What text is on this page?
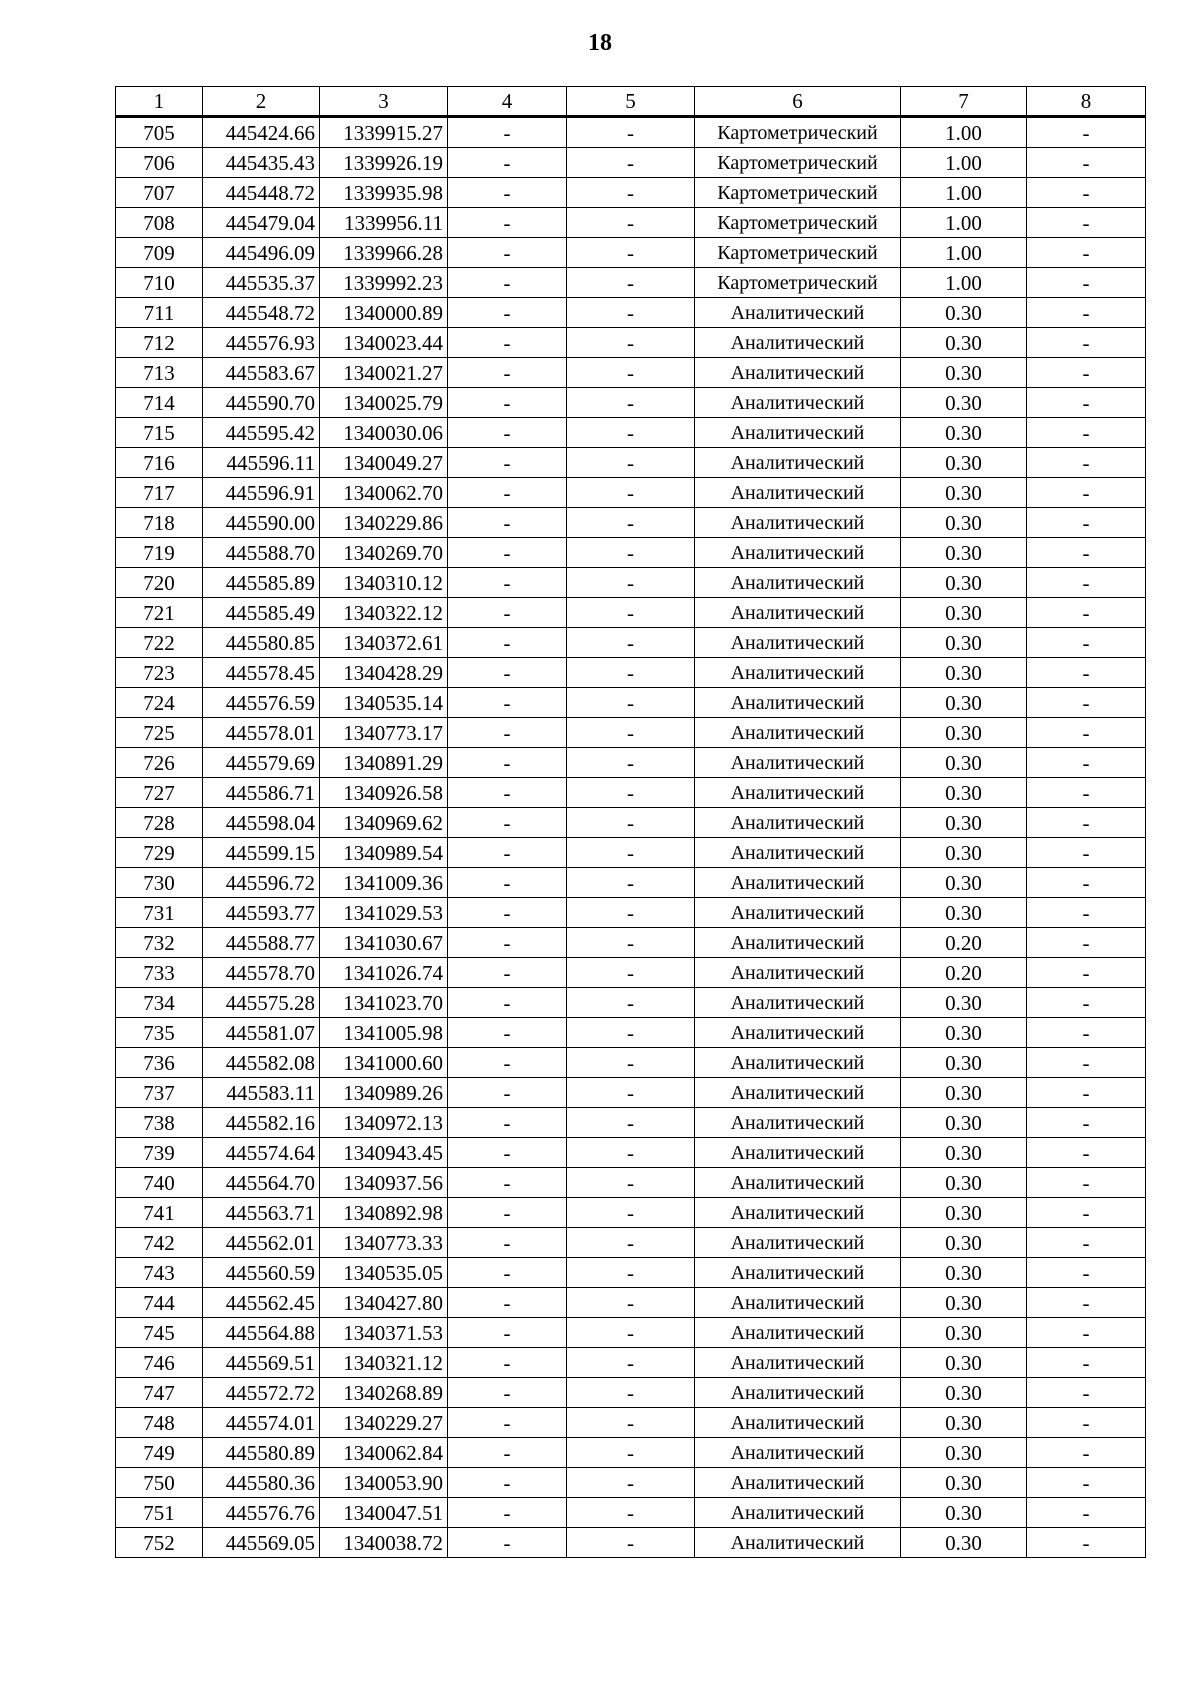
18
1	2	3	4	5	6	7	8
705	445424.66	1339915.27	-	-	Картометрический	1.00	-
706	445435.43	1339926.19	-	-	Картометрический	1.00	-
707	445448.72	1339935.98	-	-	Картометрический	1.00	-
708	445479.04	1339956.11	-	-	Картометрический	1.00	-
709	445496.09	1339966.28	-	-	Картометрический	1.00	-
710	445535.37	1339992.23	-	-	Картометрический	1.00	-
711	445548.72	1340000.89	-	-	Аналитический	0.30	-
712	445576.93	1340023.44	-	-	Аналитический	0.30	-
713	445583.67	1340021.27	-	-	Аналитический	0.30	-
714	445590.70	1340025.79	-	-	Аналитический	0.30	-
715	445595.42	1340030.06	-	-	Аналитический	0.30	-
716	445596.11	1340049.27	-	-	Аналитический	0.30	-
717	445596.91	1340062.70	-	-	Аналитический	0.30	-
718	445590.00	1340229.86	-	-	Аналитический	0.30	-
719	445588.70	1340269.70	-	-	Аналитический	0.30	-
720	445585.89	1340310.12	-	-	Аналитический	0.30	-
721	445585.49	1340322.12	-	-	Аналитический	0.30	-
722	445580.85	1340372.61	-	-	Аналитический	0.30	-
723	445578.45	1340428.29	-	-	Аналитический	0.30	-
724	445576.59	1340535.14	-	-	Аналитический	0.30	-
725	445578.01	1340773.17	-	-	Аналитический	0.30	-
726	445579.69	1340891.29	-	-	Аналитический	0.30	-
727	445586.71	1340926.58	-	-	Аналитический	0.30	-
728	445598.04	1340969.62	-	-	Аналитический	0.30	-
729	445599.15	1340989.54	-	-	Аналитический	0.30	-
730	445596.72	1341009.36	-	-	Аналитический	0.30	-
731	445593.77	1341029.53	-	-	Аналитический	0.30	-
732	445588.77	1341030.67	-	-	Аналитический	0.20	-
733	445578.70	1341026.74	-	-	Аналитический	0.20	-
734	445575.28	1341023.70	-	-	Аналитический	0.30	-
735	445581.07	1341005.98	-	-	Аналитический	0.30	-
736	445582.08	1341000.60	-	-	Аналитический	0.30	-
737	445583.11	1340989.26	-	-	Аналитический	0.30	-
738	445582.16	1340972.13	-	-	Аналитический	0.30	-
739	445574.64	1340943.45	-	-	Аналитический	0.30	-
740	445564.70	1340937.56	-	-	Аналитический	0.30	-
741	445563.71	1340892.98	-	-	Аналитический	0.30	-
742	445562.01	1340773.33	-	-	Аналитический	0.30	-
743	445560.59	1340535.05	-	-	Аналитический	0.30	-
744	445562.45	1340427.80	-	-	Аналитический	0.30	-
745	445564.88	1340371.53	-	-	Аналитический	0.30	-
746	445569.51	1340321.12	-	-	Аналитический	0.30	-
747	445572.72	1340268.89	-	-	Аналитический	0.30	-
748	445574.01	1340229.27	-	-	Аналитический	0.30	-
749	445580.89	1340062.84	-	-	Аналитический	0.30	-
750	445580.36	1340053.90	-	-	Аналитический	0.30	-
751	445576.76	1340047.51	-	-	Аналитический	0.30	-
752	445569.05	1340038.72	-	-	Аналитический	0.30	-
